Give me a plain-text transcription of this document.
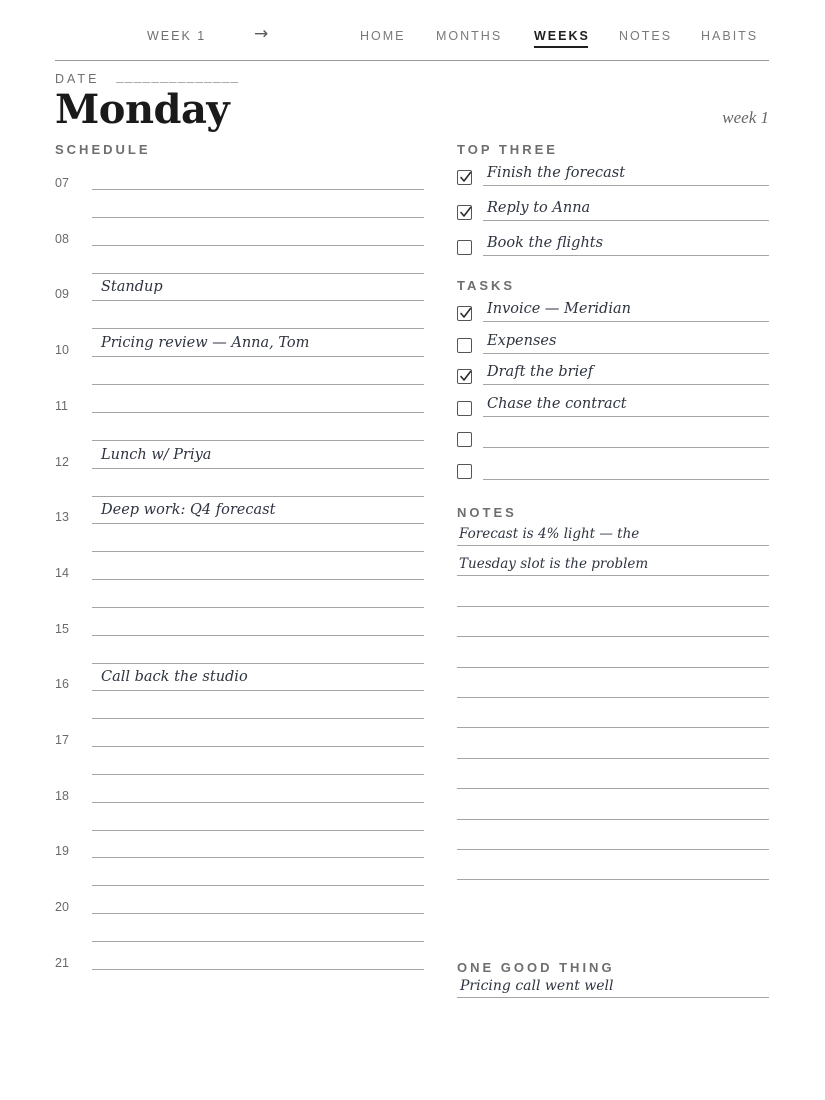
WEEK 1	→	HOME MONTHS	WEEKS NOTES HABITS
DATE ______________
Monday	week 1
SCHEDULE
07
08
09 Standup
10 Pricing review — Anna, Tom
11
12 Lunch w/ Priya
13 Deep work: Q4 forecast
14
15
16 Call back the studio
17
18
19
20
21
TOP THREE
Finish the forecast
Reply to Anna
Book the flights
TASKS
Invoice — Meridian
Expenses
Draft the brief
Chase the contract
NOTES
Forecast is 4% light — the
Tuesday slot is the problem
ONE GOOD THING
Pricing call went well
